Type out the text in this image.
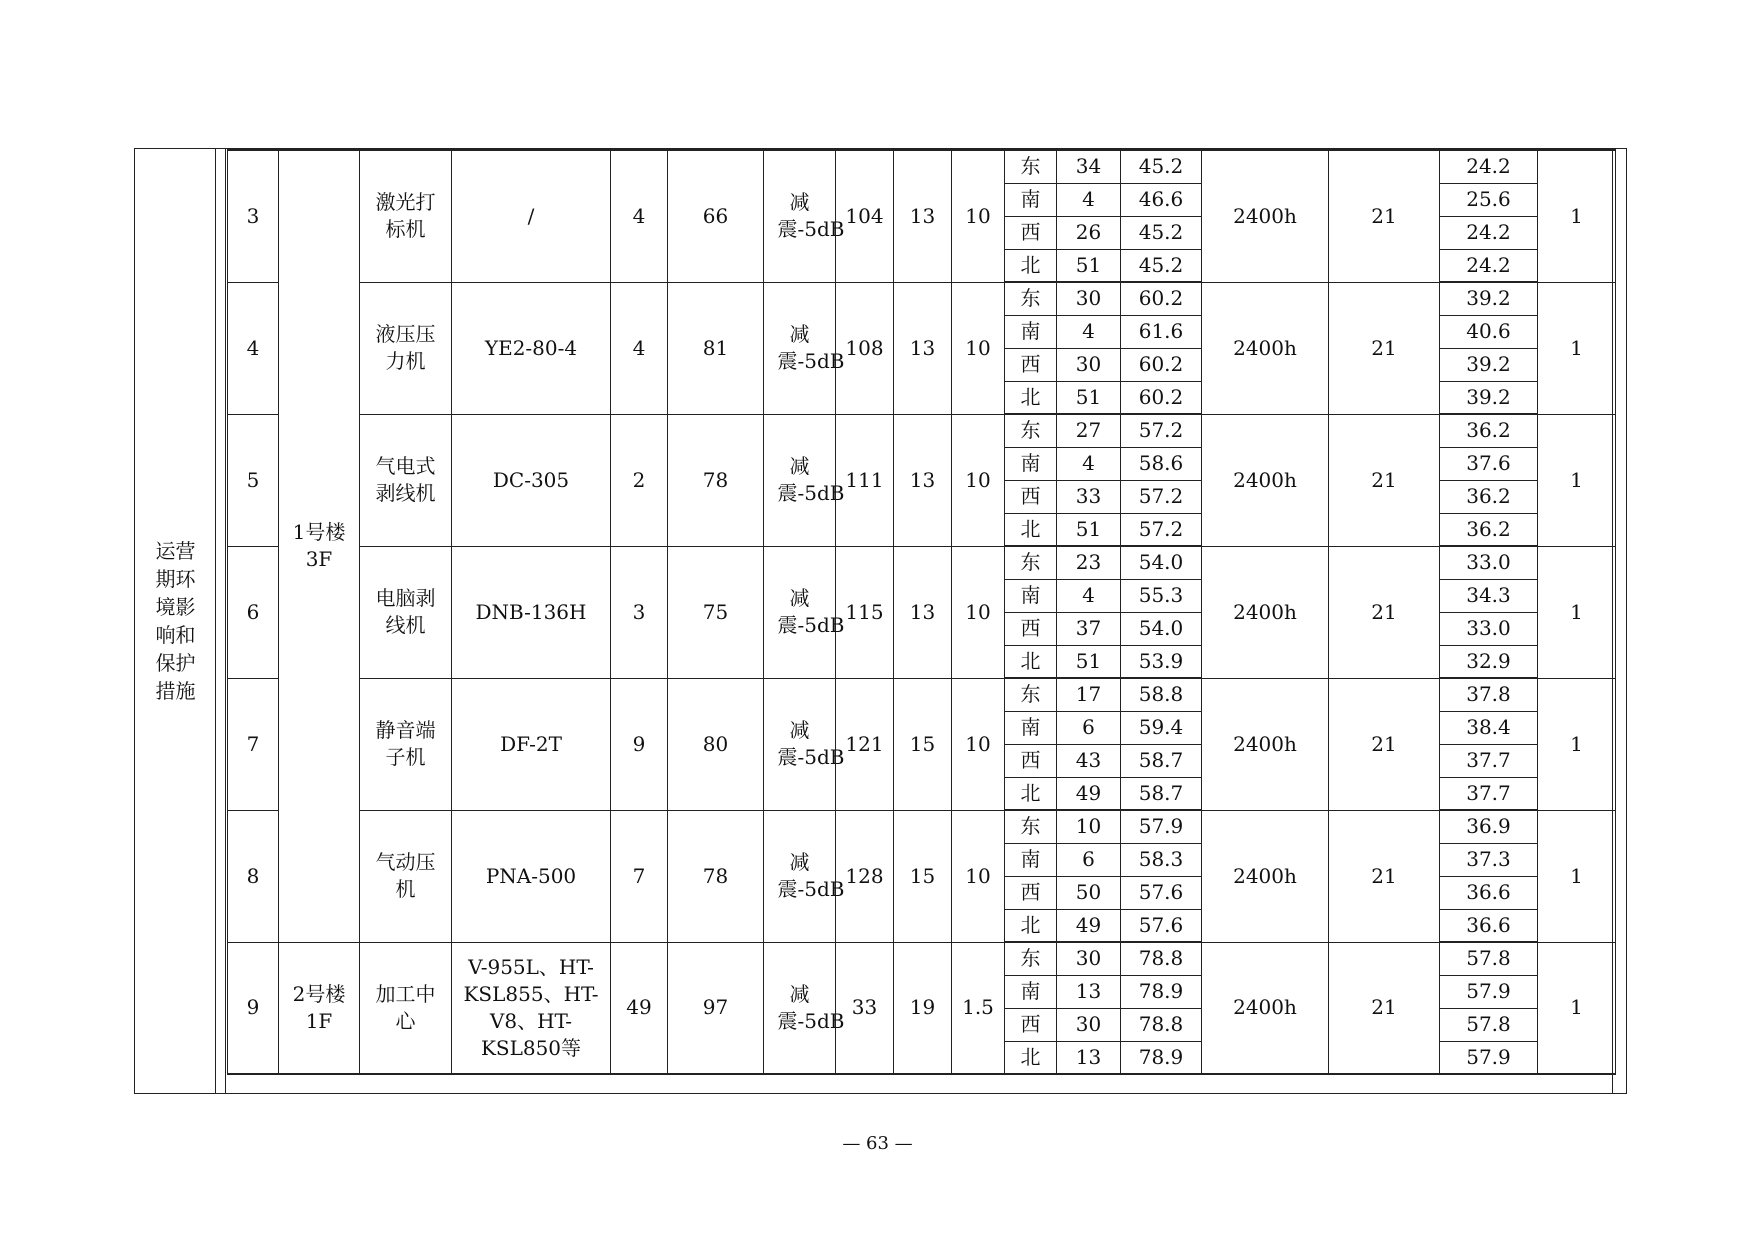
运营期环境影响和保护措施
3	1号楼3F	激光打标机	/	4	66	减震-5dB	104	13	10	东	34	45.2	2400h	21	24.2	1
										南	4	46.6			25.6	
										西	26	45.2			24.2	
										北	51	45.2			24.2	
4		液压压力机	YE2-80-4	4	81	减震-5dB	108	13	10	东	30	60.2	2400h	21	39.2	1
										南	4	61.6			40.6	
										西	30	60.2			39.2	
										北	51	60.2			39.2	
5		气电式剥线机	DC-305	2	78	减震-5dB	111	13	10	东	27	57.2	2400h	21	36.2	1
										南	4	58.6			37.6	
										西	33	57.2			36.2	
										北	51	57.2			36.2	
6		电脑剥线机	DNB-136H	3	75	减震-5dB	115	13	10	东	23	54.0	2400h	21	33.0	1
										南	4	55.3			34.3	
										西	37	54.0			33.0	
										北	51	53.9			32.9	
7		静音端子机	DF-2T	9	80	减震-5dB	121	15	10	东	17	58.8	2400h	21	37.8	1
										南	6	59.4			38.4	
										西	43	58.7			37.7	
										北	49	58.7			37.7	
8		气动压机	PNA-500	7	78	减震-5dB	128	15	10	东	10	57.9	2400h	21	36.9	1
										南	6	58.3			37.3	
										西	50	57.6			36.6	
										北	49	57.6			36.6	
9	2号楼1F	加工中心	V-955L、HT-KSL855、HT-V8、HT-KSL850等	49	97	减震-5dB	33	19	1.5	东	30	78.8	2400h	21	57.8	1
										南	13	78.9			57.9	
										西	30	78.8			57.8	
										北	13	78.9			57.9	
— 63 —
